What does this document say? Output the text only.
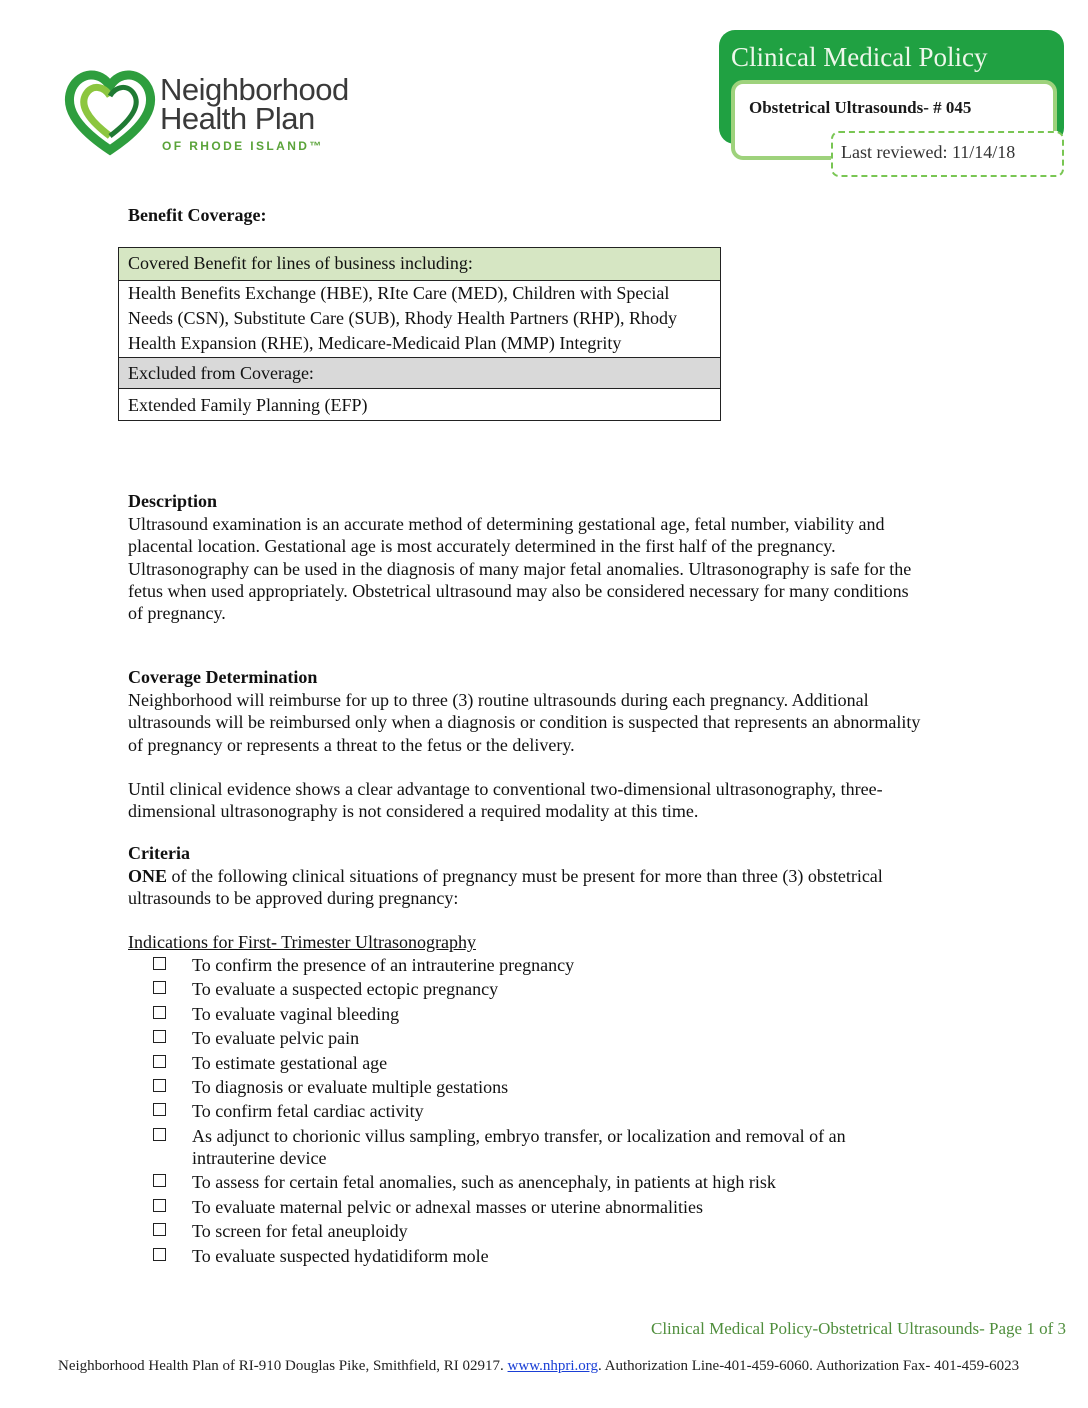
Neighborhood
Health Plan
OF RHODE ISLAND™
Clinical Medical Policy
Obstetrical Ultrasounds- # 045
Last reviewed: 11/14/18
Benefit Coverage:
Covered Benefit for lines of business including:
Health Benefits Exchange (HBE), RIte Care (MED), Children with Special
Needs (CSN), Substitute Care (SUB), Rhody Health Partners (RHP), Rhody
Health Expansion (RHE), Medicare-Medicaid Plan (MMP) Integrity
Excluded from Coverage:
Extended Family Planning (EFP)
Description
Ultrasound examination is an accurate method of determining gestational age, fetal number, viability and
placental location. Gestational age is most accurately determined in the first half of the pregnancy.
Ultrasonography can be used in the diagnosis of many major fetal anomalies. Ultrasonography is safe for the
fetus when used appropriately. Obstetrical ultrasound may also be considered necessary for many conditions
of pregnancy.
Coverage Determination
Neighborhood will reimburse for up to three (3) routine ultrasounds during each pregnancy. Additional
ultrasounds will be reimbursed only when a diagnosis or condition is suspected that represents an abnormality
of pregnancy or represents a threat to the fetus or the delivery.
Until clinical evidence shows a clear advantage to conventional two-dimensional ultrasonography, three-
dimensional ultrasonography is not considered a required modality at this time.
Criteria
ONE of the following clinical situations of pregnancy must be present for more than three (3) obstetrical
ultrasounds to be approved during pregnancy:
Indications for First- Trimester Ultrasonography
To confirm the presence of an intrauterine pregnancy
To evaluate a suspected ectopic pregnancy
To evaluate vaginal bleeding
To evaluate pelvic pain
To estimate gestational age
To diagnosis or evaluate multiple gestations
To confirm fetal cardiac activity
As adjunct to chorionic villus sampling, embryo transfer, or localization and removal of an
intrauterine device
To assess for certain fetal anomalies, such as anencephaly, in patients at high risk
To evaluate maternal pelvic or adnexal masses or uterine abnormalities
To screen for fetal aneuploidy
To evaluate suspected hydatidiform mole
Clinical Medical Policy-Obstetrical Ultrasounds- Page 1 of 3
Neighborhood Health Plan of RI-910 Douglas Pike, Smithfield, RI 02917. www.nhpri.org. Authorization Line-401-459-6060. Authorization Fax- 401-459-6023
